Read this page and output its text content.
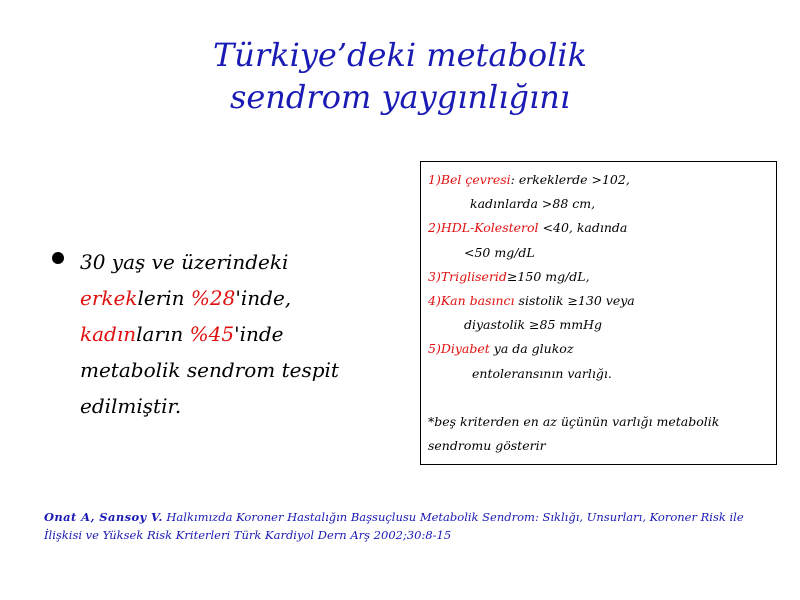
Türkiye’deki metabolik
sendrom yaygınlığını
30 yaş ve üzerindeki erkeklerin %28'inde, kadınların %45'inde metabolik sendrom tespit edilmiştir.
1)Bel çevresi: erkeklerde >102,
kadınlarda >88 cm,
2)HDL-Kolesterol <40, kadında
<50 mg/dL
3)Trigliserid≥150 mg/dL,
4)Kan basıncı sistolik ≥130 veya
diyastolik ≥85 mmHg
5)Diyabet ya da glukoz
entoleransının varlığı.
*beş kriterden en az üçünün varlığı metabolik
sendromu gösterir
Onat A, Sansoy V. Halkımızda Koroner Hastalığın Başsuçlusu Metabolik Sendrom: Sıklığı, Unsurları, Koroner Risk ile İlişkisi ve Yüksek Risk Kriterleri Türk Kardiyol Dern Arş 2002;30:8-15
